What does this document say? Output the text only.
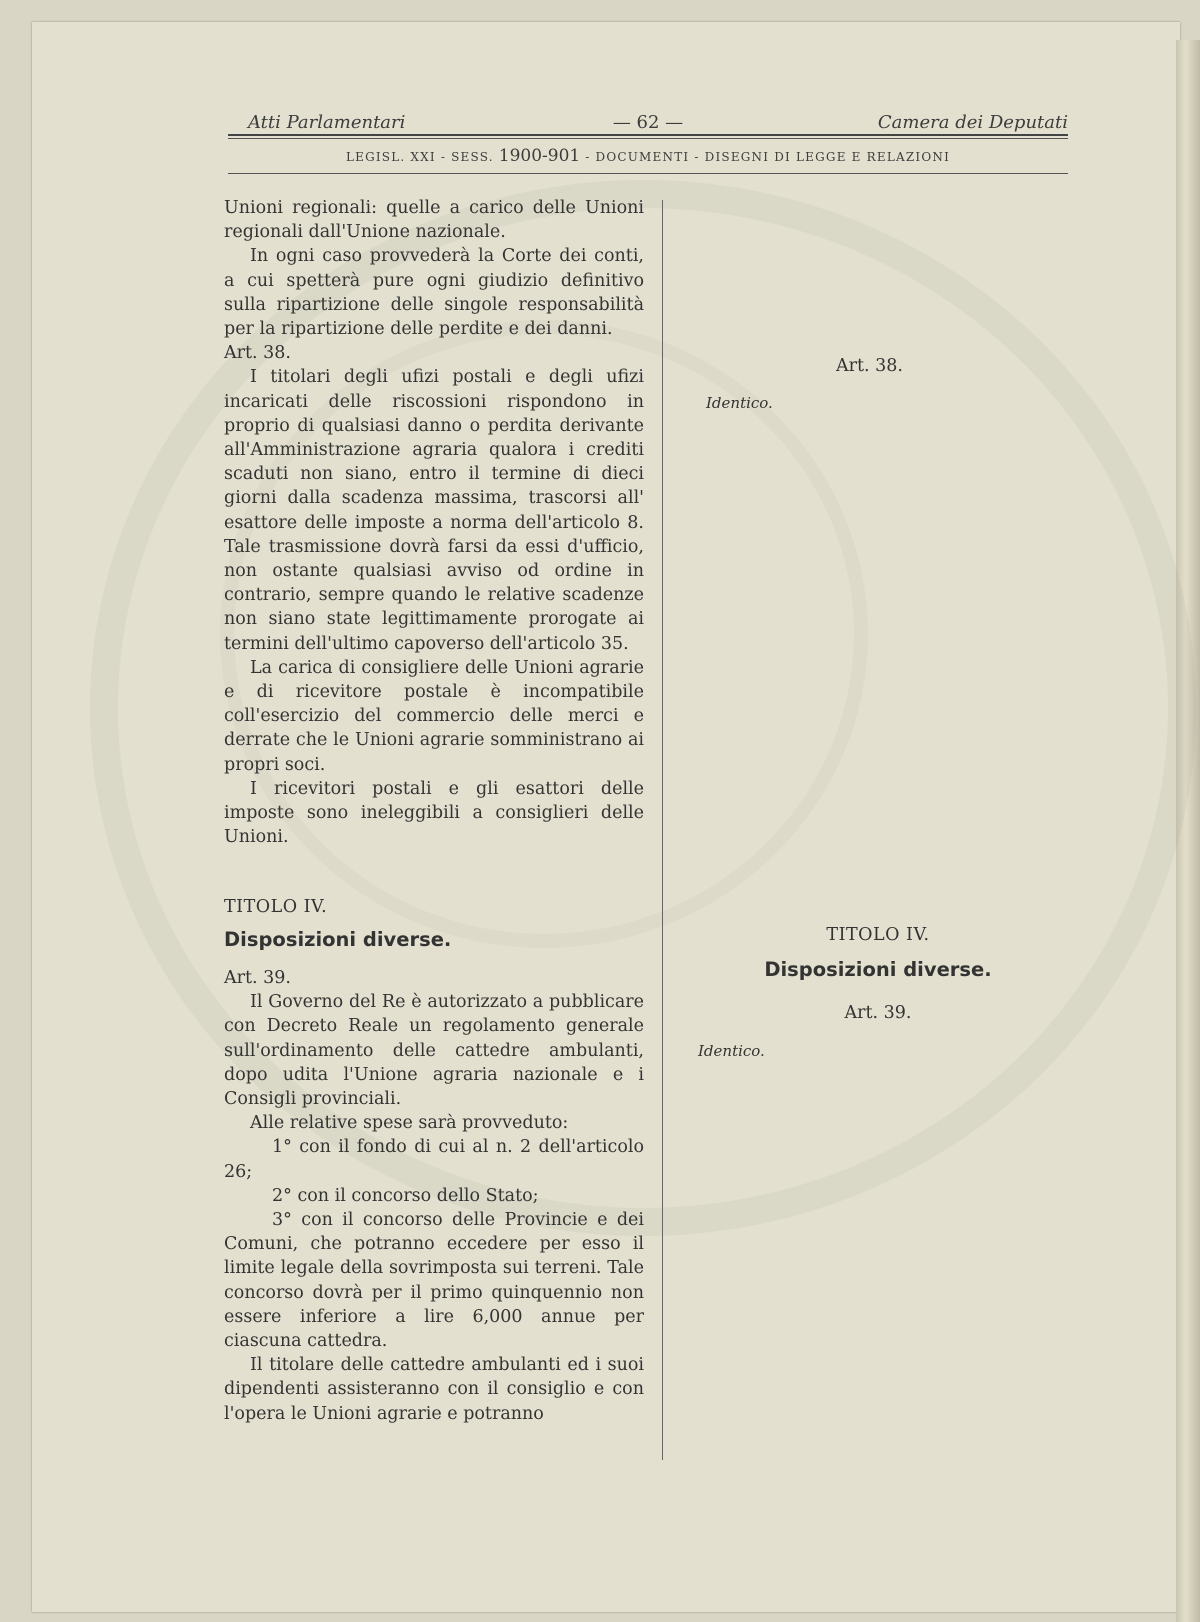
Atti Parlamentari	— 62 —	Camera dei Deputati
LEGISL. XXI - SESS. 1900-901 - DOCUMENTI - DISEGNI DI LEGGE E RELAZIONI

Unioni regionali: quelle a carico delle Unioni regionali dall'Unione nazionale.

In ogni caso provvederà la Corte dei conti, a cui spetterà pure ogni giudizio definitivo sulla ripartizione delle singole responsabilità per la ripartizione delle perdite e dei danni.

Art. 38.

I titolari degli ufizi postali e degli ufizi incaricati delle riscossioni rispondono in proprio di qualsiasi danno o perdita derivante all'Amministrazione agraria qualora i crediti scaduti non siano, entro il termine di dieci giorni dalla scadenza massima, trascorsi all' esattore delle imposte a norma dell'articolo 8. Tale trasmissione dovrà farsi da essi d'ufficio, non ostante qualsiasi avviso od ordine in contrario, sempre quando le relative scadenze non siano state legittimamente prorogate ai termini dell'ultimo capoverso dell'articolo 35.

La carica di consigliere delle Unioni agrarie e di ricevitore postale è incompatibile coll'esercizio del commercio delle merci e derrate che le Unioni agrarie somministrano ai propri soci.

I ricevitori postali e gli esattori delle imposte sono ineleggibili a consiglieri delle Unioni.

TITOLO IV.

Disposizioni diverse.

Art. 39.

Il Governo del Re è autorizzato a pubblicare con Decreto Reale un regolamento generale sull'ordinamento delle cattedre ambulanti, dopo udita l'Unione agraria nazionale e i Consigli provinciali.

Alle relative spese sarà provveduto:

1° con il fondo di cui al n. 2 dell'articolo 26;

2° con il concorso dello Stato;

3° con il concorso delle Provincie e dei Comuni, che potranno eccedere per esso il limite legale della sovrimposta sui terreni. Tale concorso dovrà per il primo quinquennio non essere inferiore a lire 6,000 annue per ciascuna cattedra.

Il titolare delle cattedre ambulanti ed i suoi dipendenti assisteranno con il consiglio e con l'opera le Unioni agrarie e potranno

Art. 38.
Identico.
TITOLO IV.
Disposizioni diverse.
Art. 39.
Identico.
